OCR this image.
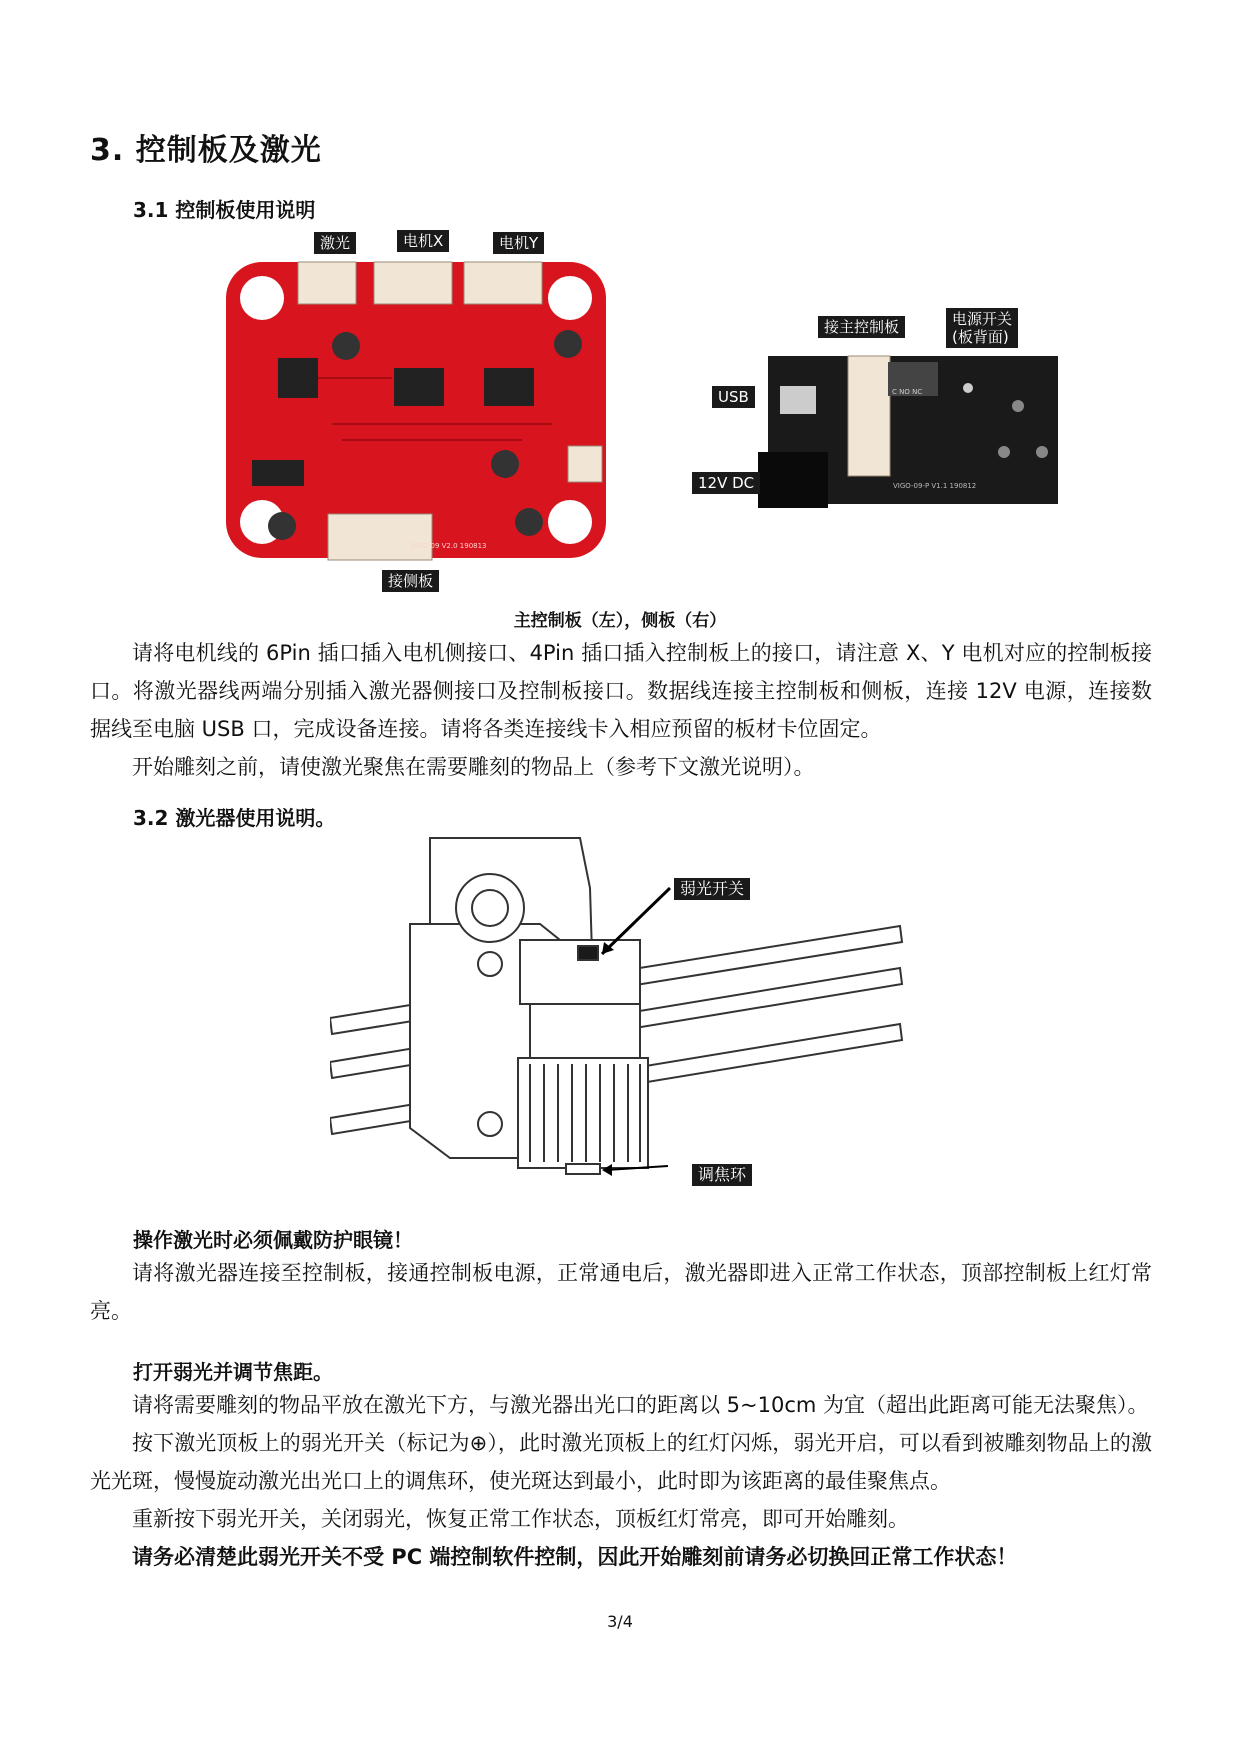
3. 控制板及激光
3.1 控制板使用说明
VIGO-09 V2.0 190813
激光	电机X	电机Y
接侧板
C NO NC
VIGO-09-P V1.1 190812
接主控制板	电源开关
(板背面)
USB
12V DC
主控制板（左），侧板（右）

请将电机线的 6Pin 插口插入电机侧接口、4Pin 插口插入控制板上的接口，请注意 X、Y 电机对应的控制板接口。将激光器线两端分别插入激光器侧接口及控制板接口。数据线连接主控制板和侧板，连接 12V 电源，连接数据线至电脑 USB 口，完成设备连接。请将各类连接线卡入相应预留的板材卡位固定。

开始雕刻之前，请使激光聚焦在需要雕刻的物品上（参考下文激光说明）。

3.2 激光器使用说明。
弱光开关
调焦环
操作激光时必须佩戴防护眼镜！

请将激光器连接至控制板，接通控制板电源，正常通电后，激光器即进入正常工作状态，顶部控制板上红灯常亮。

打开弱光并调节焦距。

请将需要雕刻的物品平放在激光下方，与激光器出光口的距离以 5~10cm 为宜（超出此距离可能无法聚焦）。

按下激光顶板上的弱光开关（标记为⊕），此时激光顶板上的红灯闪烁，弱光开启，可以看到被雕刻物品上的激光光斑，慢慢旋动激光出光口上的调焦环，使光斑达到最小，此时即为该距离的最佳聚焦点。

重新按下弱光开关，关闭弱光，恢复正常工作状态，顶板红灯常亮，即可开始雕刻。

请务必清楚此弱光开关不受 PC 端控制软件控制，因此开始雕刻前请务必切换回正常工作状态！

3/4
